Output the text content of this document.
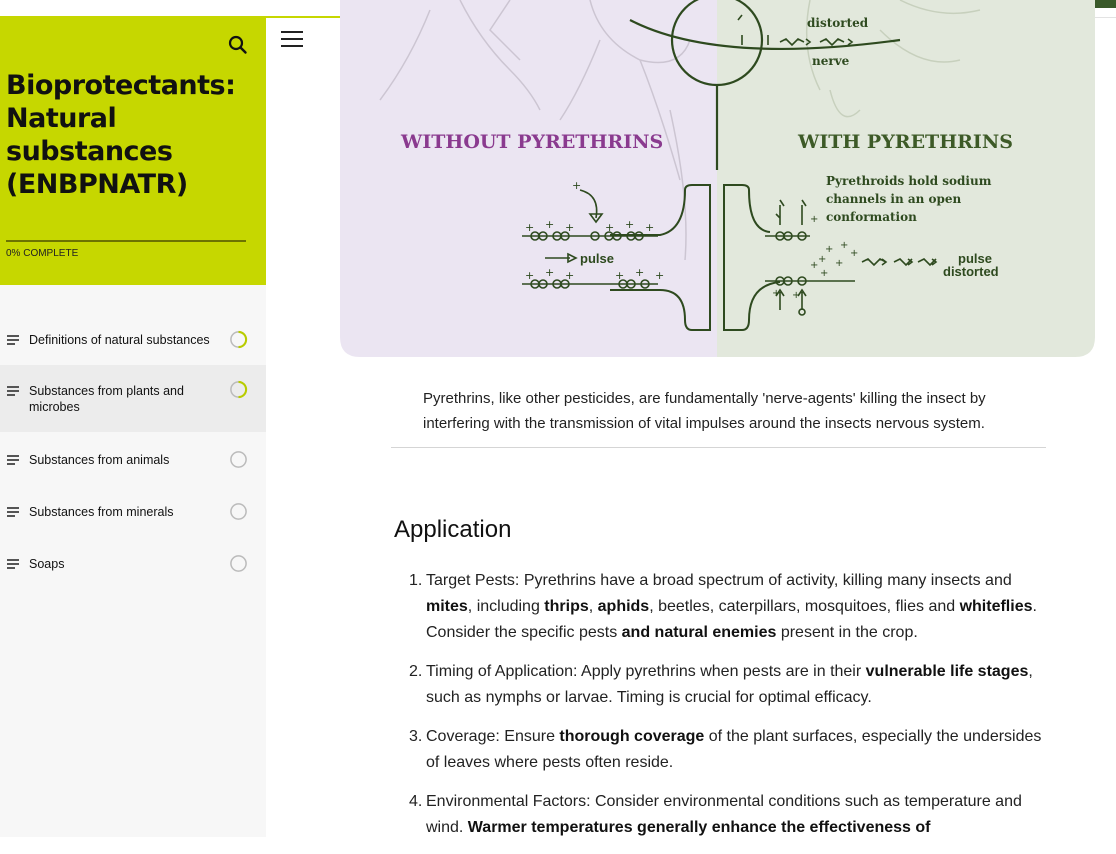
Bioprotectants: Natural substances (ENBPNATR)
0% COMPLETE
Definitions of natural substances
Substances from plants and microbes
Substances from animals
Substances from minerals
Soaps
+
+ + +	+ + +
+ + +	+ + +
+
+ +
+
+ +
+
+ +
+
WITHOUT PYRETHRINS	WITH PYRETHRINS
distorted
nerve
pulse
Pyrethroids hold sodium
channels in an open
conformation
pulse
distorted

Pyrethrins, like other pesticides, are fundamentally 'nerve-agents' killing the insect by interfering with the transmission of vital impulses around the insects nervous system.

Application
1. Target Pests: Pyrethrins have a broad spectrum of activity, killing many insects and mites, including thrips, aphids, beetles, caterpillars, mosquitoes, flies and whiteflies. Consider the specific pests and natural enemies present in the crop.
2. Timing of Application: Apply pyrethrins when pests are in their vulnerable life stages, such as nymphs or larvae. Timing is crucial for optimal efficacy.
3. Coverage: Ensure thorough coverage of the plant surfaces, especially the undersides of leaves where pests often reside.
4. Environmental Factors: Consider environmental conditions such as temperature and wind. Warmer temperatures generally enhance the effectiveness of
